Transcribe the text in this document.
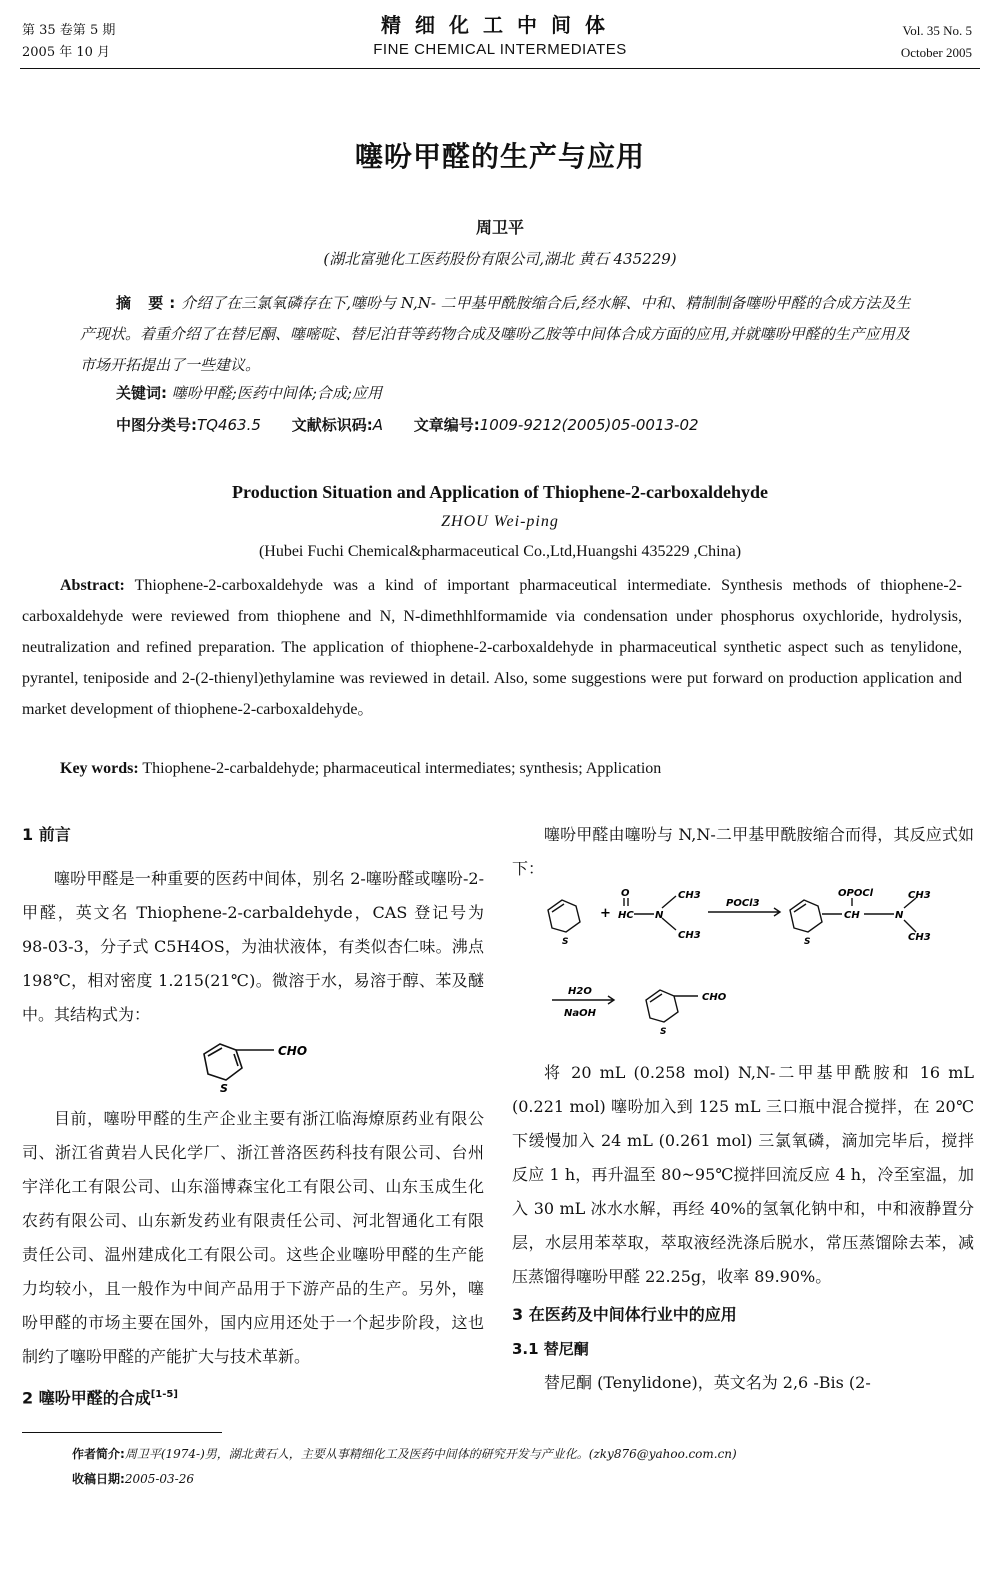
第 35 卷第 5 期
2005 年 10 月
精细化工中间体
FINE CHEMICAL INTERMEDIATES
Vol. 35 No. 5
October 2005
噻吩甲醛的生产与应用
周卫平
(湖北富驰化工医药股份有限公司,湖北 黄石 435229)
摘 要:介绍了在三氯氧磷存在下,噻吩与 N,N- 二甲基甲酰胺缩合后,经水解、中和、精制制备噻吩甲醛的合成方法及生产现状。着重介绍了在替尼酮、噻嘧啶、替尼泊苷等药物合成及噻吩乙胺等中间体合成方面的应用,并就噻吩甲醛的生产应用及市场开拓提出了一些建议。
关键词: 噻吩甲醛;医药中间体;合成;应用
中图分类号:TQ463.5 文献标识码:A 文章编号:1009-9212(2005)05-0013-02
Production Situation and Application of Thiophene-2-carboxaldehyde
ZHOU Wei-ping
(Hubei Fuchi Chemical&pharmaceutical Co.,Ltd,Huangshi 435229 ,China)
Abstract: Thiophene-2-carboxaldehyde was a kind of important pharmaceutical intermediate. Synthesis methods of thiophene-2-carboxaldehyde were reviewed from thiophene and N, N-dimethhlformamide via condensation under phosphorus oxychloride, hydrolysis, neutralization and refined preparation. The application of thiophene-2-carboxaldehyde in pharmaceutical synthetic aspect such as tenylidone, pyrantel, teniposide and 2-(2-thienyl)ethylamine was reviewed in detail. Also, some suggestions were put forward on production application and market development of thiophene-2-carboxaldehyde。
Key words: Thiophene-2-carbaldehyde; pharmaceutical intermediates; synthesis; Application
1 前言
噻吩甲醛是一种重要的医药中间体，别名 2-噻吩醛或噻吩-2-甲醛，英文名 Thiophene-2-carbaldehyde，CAS 登记号为 98-03-3，分子式 C5H4OS，为油状液体，有类似杏仁味。沸点 198℃，相对密度 1.215(21℃)。微溶于水，易溶于醇、苯及醚中。其结构式为：
CHO
S
目前，噻吩甲醛的生产企业主要有浙江临海燎原药业有限公司、浙江省黄岩人民化学厂、浙江普洛医药科技有限公司、台州宇洋化工有限公司、山东淄博森宝化工有限公司、山东玉成生化农药有限公司、山东新发药业有限责任公司、河北智通化工有限责任公司、温州建成化工有限公司。这些企业噻吩甲醛的生产能力均较小，且一般作为中间产品用于下游产品的生产。另外，噻吩甲醛的市场主要在国外，国内应用还处于一个起步阶段，这也制约了噻吩甲醛的产能扩大与技术革新。
2 噻吩甲醛的合成[1-5]
噻吩甲醛由噻吩与 N,N-二甲基甲酰胺缩合而得，其反应式如下：
+
O	CH3
HC N
CH3
POCl3
OPOCl
CH	N
CH3
CH3
H2O
NaOH
CHO
S	S
S
将 20 mL (0.258 mol) N,N-二甲基甲酰胺和 16 mL (0.221 mol) 噻吩加入到 125 mL 三口瓶中混合搅拌，在 20℃下缓慢加入 24 mL (0.261 mol) 三氯氧磷，滴加完毕后，搅拌反应 1 h，再升温至 80~95℃搅拌回流反应 4 h，冷至室温，加入 30 mL 冰水水解，再经 40%的氢氧化钠中和，中和液静置分层，水层用苯萃取，萃取液经洗涤后脱水，常压蒸馏除去苯，减压蒸馏得噻吩甲醛 22.25g，收率 89.90%。
3 在医药及中间体行业中的应用
3.1 替尼酮
替尼酮 (Tenylidone)，英文名为 2,6 -Bis (2-
作者简介:周卫平(1974-)男，湖北黄石人，主要从事精细化工及医药中间体的研究开发与产业化。(zky876@yahoo.com.cn)
收稿日期:2005-03-26
